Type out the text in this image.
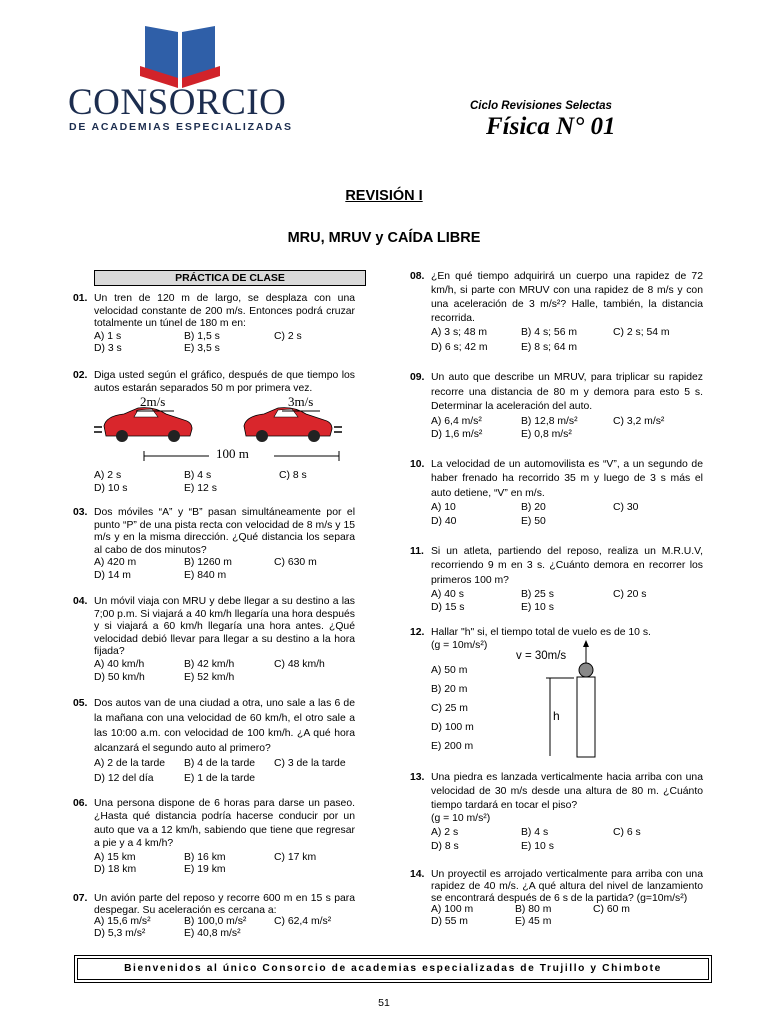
CONSORCIO
DE ACADEMIAS ESPECIALIZADAS
Ciclo Revisiones Selectas
Física N° 01
REVISIÓN I
MRU, MRUV y CAÍDA LIBRE
PRÁCTICA DE CLASE
01. Un tren de 120 m de largo, se desplaza con una velocidad constante de 200 m/s. Entonces podrá cruzar totalmente un túnel de 180 m en:
A) 1 s	B) 1,5 s	C) 2 s
D) 3 s	E) 3,5 s
02. Diga usted según el gráfico, después de que tiempo los autos estarán separados 50 m por primera vez.
2m/s	3m/s
100 m
A) 2 s	B) 4 s	C) 8 s
D) 10 s	E) 12 s
03. Dos móviles “A” y “B” pasan simultáneamente por el punto “P” de una pista recta con velocidad de 8 m/s y 15 m/s y en la misma dirección. ¿Qué distancia los separa al cabo de dos minutos?
A) 420 m	B) 1260 m	C) 630 m
D) 14 m	E) 840 m
04. Un móvil viaja con MRU y debe llegar a su destino a las 7;00 p.m. Si viajará a 40 km/h llegaría una hora después y si viajará a 60 km/h llegaría una hora antes. ¿Qué velocidad debió llevar para llegar a su destino a la hora fijada?
A) 40 km/h	B) 42 km/h	C) 48 km/h
D) 50 km/h	E) 52 km/h
05. Dos autos van de una ciudad a otra, uno sale a las 6 de la mañana con una velocidad de 60 km/h, el otro sale a las 10:00 a.m. con velocidad de 100 km/h. ¿A qué hora alcanzará el segundo auto al primero?
A) 2 de la tarde B) 4 de la tarde C) 3 de la tarde
D) 12 del día	E) 1 de la tarde
06. Una persona dispone de 6 horas para darse un paseo. ¿Hasta qué distancia podría hacerse conducir por un auto que va a 12 km/h, sabiendo que tiene que regresar a pie y a 4 km/h?
A) 15 km	B) 16 km	C) 17 km
D) 18 km	E) 19 km
07. Un avión parte del reposo y recorre 600 m en 15 s para despegar. Su aceleración es cercana a:
A) 15,6 m/s²	B) 100,0 m/s²	C) 62,4 m/s²
D) 5,3 m/s²	E) 40,8 m/s²
08. ¿En qué tiempo adquirirá un cuerpo una rapidez de 72 km/h, si parte con MRUV con una rapidez de 8 m/s y con una aceleración de 3 m/s²? Halle, también, la distancia recorrida.
A) 3 s; 48 m	B) 4 s; 56 m	C) 2 s; 54 m
D) 6 s; 42 m	E) 8 s; 64 m
09. Un auto que describe un MRUV, para triplicar su rapidez recorre una distancia de 80 m y demora para esto 5 s. Determinar la aceleración del auto.
A) 6,4 m/s²	B) 12,8 m/s²	C) 3,2 m/s²
D) 1,6 m/s²	E) 0,8 m/s²
10. La velocidad de un automovilista es “V”, a un segundo de haber frenado ha recorrido 35 m y luego de 3 s más el auto detiene, “V” en m/s.
A) 10	B) 20	C) 30
D) 40	E) 50
11. Si un atleta, partiendo del reposo, realiza un M.R.U.V, recorriendo 9 m en 3 s. ¿Cuánto demora en recorrer los primeros 100 m?
A) 40 s	B) 25 s	C) 20 s
D) 15 s	E) 10 s
12. Hallar "h" si, el tiempo total de vuelo es de 10 s.
(g = 10m/s²)
A) 50 m
B) 20 m
C) 25 m
D) 100 m
E) 200 m
v = 30m/s
h
13. Una piedra es lanzada verticalmente hacia arriba con una velocidad de 30 m/s desde una altura de 80 m. ¿Cuánto tiempo tardará en tocar el piso?
(g = 10 m/s²)
A) 2 s	B) 4 s	C) 6 s
D) 8 s	E) 10 s
14. Un proyectil es arrojado verticalmente para arriba con una rapidez de 40 m/s. ¿A qué altura del nivel de lanzamiento se encontrará después de 6 s de la partida? (g=10m/s²)
A) 100 m	B) 80 m	C) 60 m
D) 55 m	E) 45 m
Bienvenidos al único Consorcio de academias especializadas de Trujillo y Chimbote
51
